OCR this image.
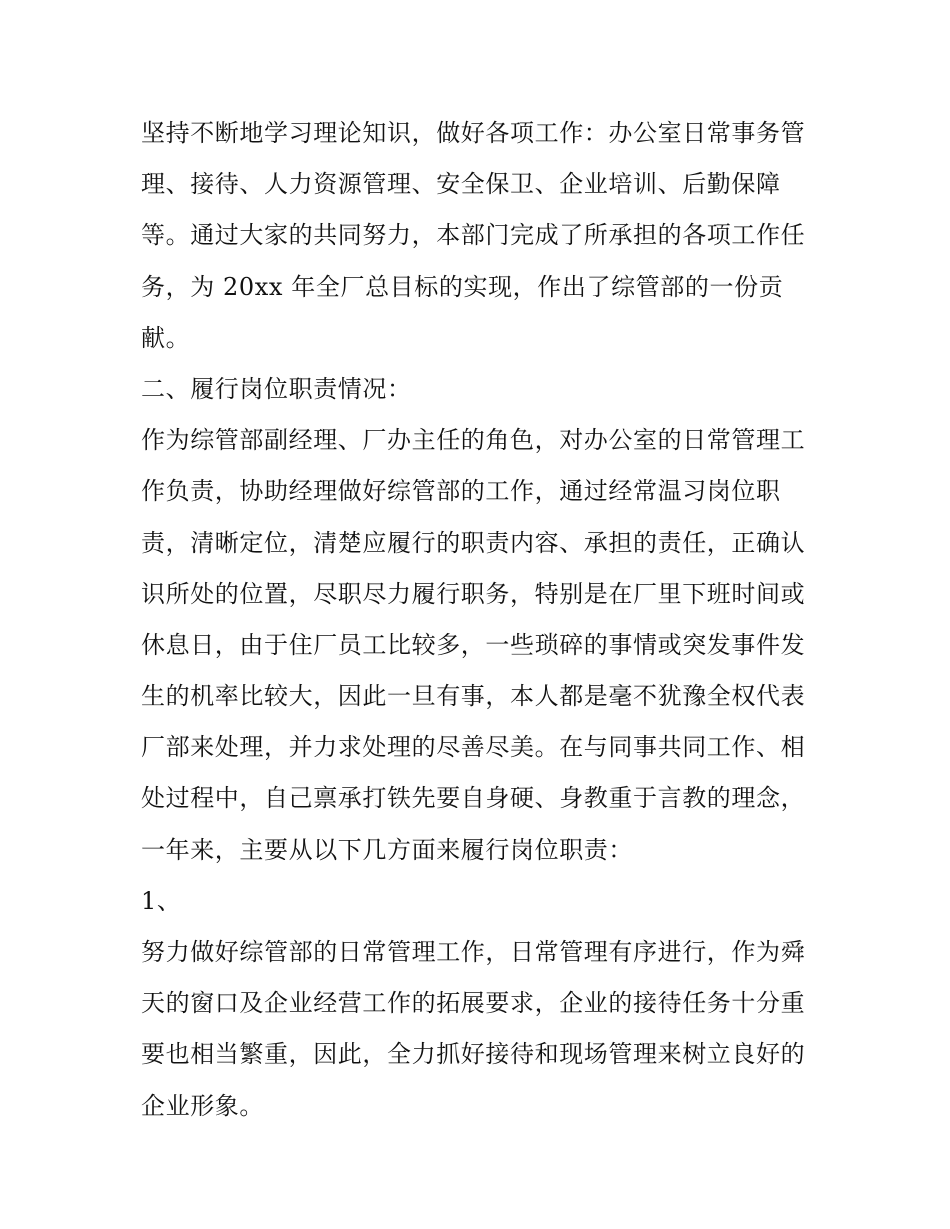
坚持不断地学习理论知识，做好各项工作：办公室日常事务管
理、接待、人力资源管理、安全保卫、企业培训、后勤保障
等。通过大家的共同努力，本部门完成了所承担的各项工作任
务，为 20xx 年全厂总目标的实现，作出了综管部的一份贡
献。
二、履行岗位职责情况：
作为综管部副经理、厂办主任的角色，对办公室的日常管理工
作负责，协助经理做好综管部的工作，通过经常温习岗位职
责，清晰定位，清楚应履行的职责内容、承担的责任，正确认
识所处的位置，尽职尽力履行职务，特别是在厂里下班时间或
休息日，由于住厂员工比较多，一些琐碎的事情或突发事件发
生的机率比较大，因此一旦有事，本人都是毫不犹豫全权代表
厂部来处理，并力求处理的尽善尽美。在与同事共同工作、相
处过程中，自己禀承打铁先要自身硬、身教重于言教的理念，
一年来，主要从以下几方面来履行岗位职责：
1、
努力做好综管部的日常管理工作，日常管理有序进行，作为舜
天的窗口及企业经营工作的拓展要求，企业的接待任务十分重
要也相当繁重，因此，全力抓好接待和现场管理来树立良好的
企业形象。
